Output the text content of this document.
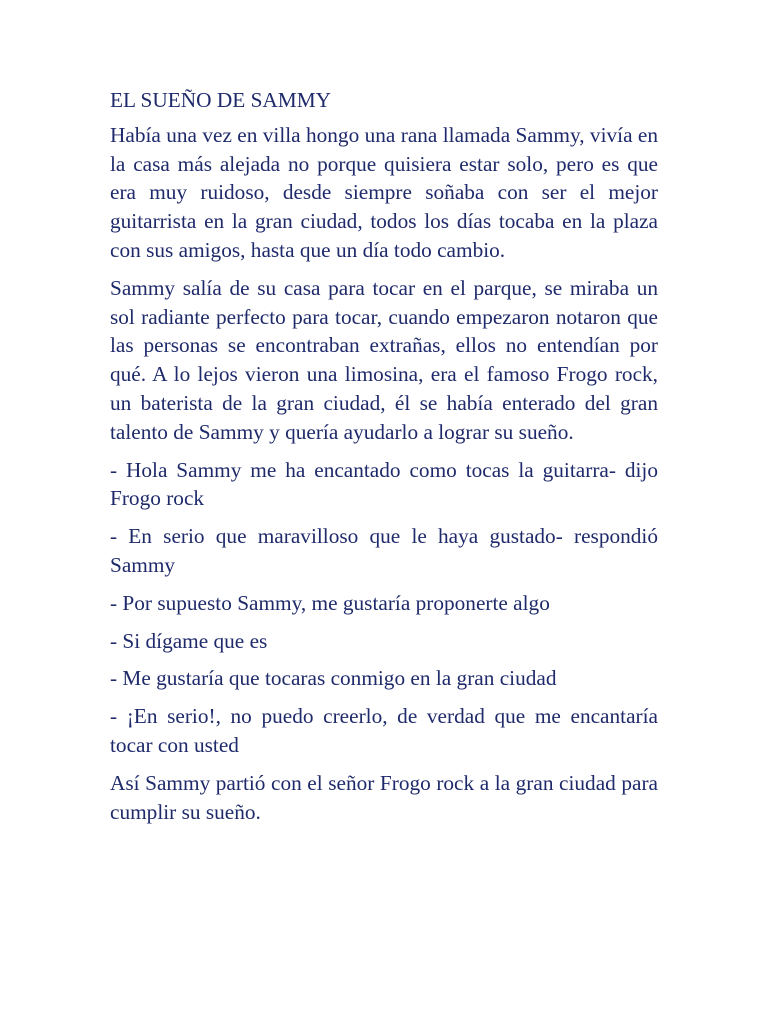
EL SUEÑO DE SAMMY

Había una vez en villa hongo una rana llamada Sammy, vivía en la casa más alejada no porque quisiera estar solo, pero es que era muy ruidoso, desde siempre soñaba con ser el mejor guitarrista en la gran ciudad, todos los días tocaba en la plaza con sus amigos, hasta que un día todo cambio.

Sammy salía de su casa para tocar en el parque, se miraba un sol radiante perfecto para tocar, cuando empezaron notaron que las personas se encontraban extrañas, ellos no entendían por qué. A lo lejos vieron una limosina, era el famoso Frogo rock, un baterista de la gran ciudad, él se había enterado del gran talento de Sammy y quería ayudarlo a lograr su sueño.

- Hola Sammy me ha encantado como tocas la guitarra- dijo Frogo rock

- En serio que maravilloso que le haya gustado- respondió Sammy

- Por supuesto Sammy, me gustaría proponerte algo

- Si dígame que es

- Me gustaría que tocaras conmigo en la gran ciudad

- ¡En serio!, no puedo creerlo, de verdad que me encantaría tocar con usted

Así Sammy partió con el señor Frogo rock a la gran ciudad para cumplir su sueño.
